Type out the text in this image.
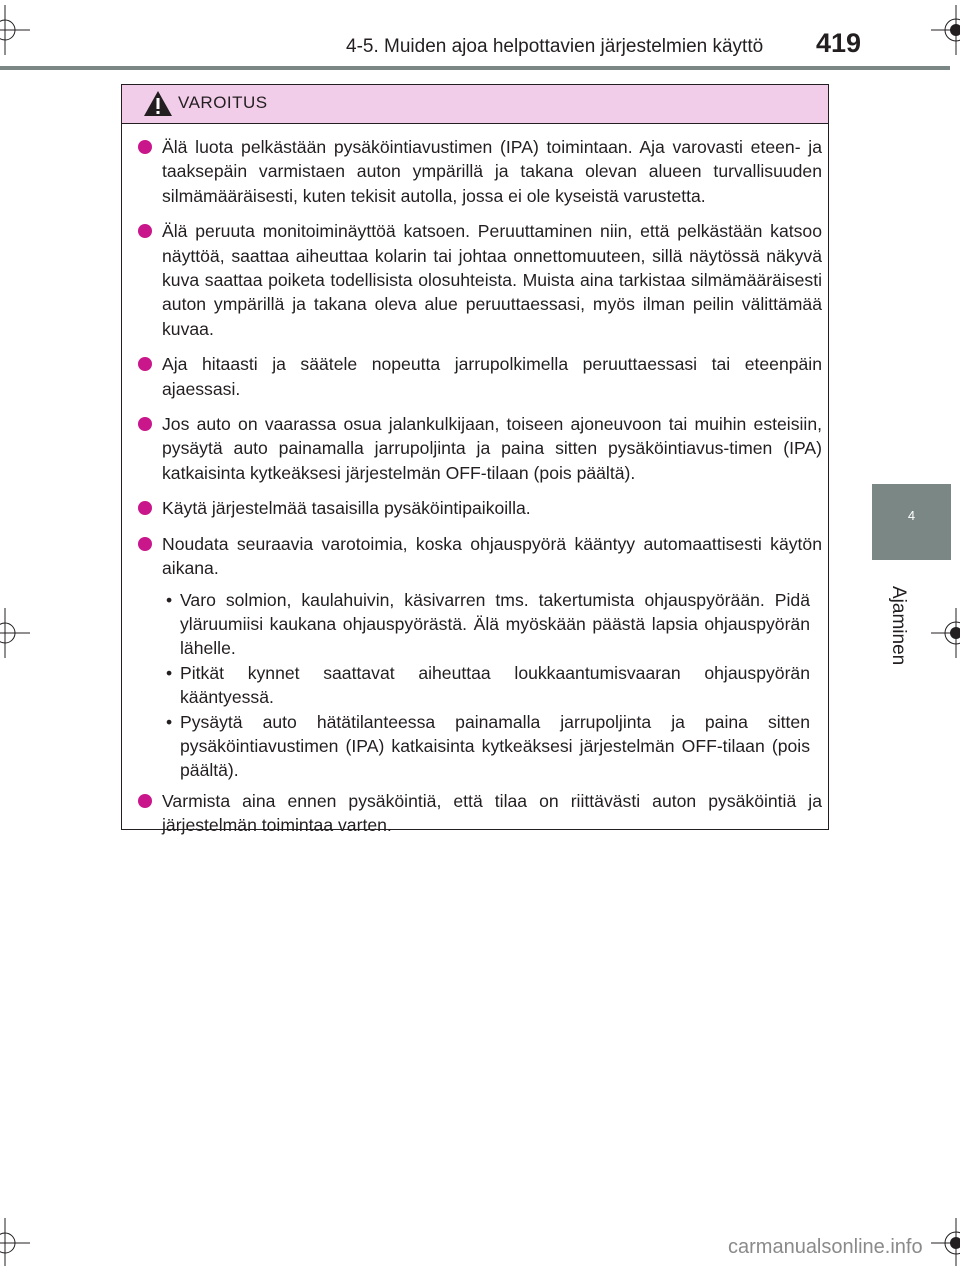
4-5. Muiden ajoa helpottavien järjestelmien käyttö 419
4
Ajaminen
VAROITUS
Älä luota pelkästään pysäköintiavustimen (IPA) toimintaan. Aja varovasti eteen- ja taaksepäin varmistaen auton ympärillä ja takana olevan alueen turvallisuuden silmämääräisesti, kuten tekisit autolla, jossa ei ole kyseistä varustetta.
Älä peruuta monitoiminäyttöä katsoen. Peruuttaminen niin, että pelkästään katsoo näyttöä, saattaa aiheuttaa kolarin tai johtaa onnettomuuteen, sillä näytössä näkyvä kuva saattaa poiketa todellisista olosuhteista. Muista aina tarkistaa silmämääräisesti auton ympärillä ja takana oleva alue peruuttaessasi, myös ilman peilin välittämää kuvaa.
Aja hitaasti ja säätele nopeutta jarrupolkimella peruuttaessasi tai eteenpäin ajaessasi.
Jos auto on vaarassa osua jalankulkijaan, toiseen ajoneuvoon tai muihin esteisiin, pysäytä auto painamalla jarrupoljinta ja paina sitten pysäköintiavus-timen (IPA) katkaisinta kytkeäksesi järjestelmän OFF-tilaan (pois päältä).
Käytä järjestelmää tasaisilla pysäköintipaikoilla.
Noudata seuraavia varotoimia, koska ohjauspyörä kääntyy automaattisesti käytön aikana.
• Varo solmion, kaulahuivin, käsivarren tms. takertumista ohjauspyörään. Pidä yläruumiisi kaukana ohjauspyörästä. Älä myöskään päästä lapsia ohjauspyörän lähelle.
• Pitkät kynnet saattavat aiheuttaa loukkaantumisvaaran ohjauspyörän kääntyessä.
• Pysäytä auto hätätilanteessa painamalla jarrupoljinta ja paina sitten pysäköintiavustimen (IPA) katkaisinta kytkeäksesi järjestelmän OFF-tilaan (pois päältä).
Varmista aina ennen pysäköintiä, että tilaa on riittävästi auton pysäköintiä ja järjestelmän toimintaa varten.
carmanualsonline.info
